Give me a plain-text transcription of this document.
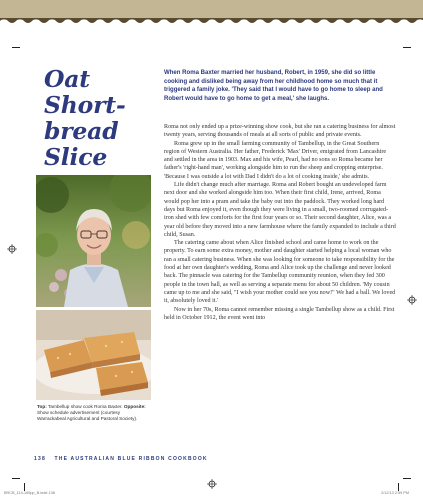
Oat
Short-
bread
Slice
When Roma Baxter married her husband, Robert, in 1959, she did so little cooking and disliked being away from her childhood home so much that it triggered a family joke. 'They said that I would have to go home to sleep and Robert would have to go home to get a meal,' she laughs.

Roma not only ended up a prize-winning show cook, but she ran a catering business for almost twenty years, serving thousands of meals at all sorts of public and private events.

Roma grew up in the small farming community of Tambellup, in the Great Southern region of Western Australia. Her father, Frederick 'Max' Driver, emigrated from Lancashire and settled in the area in 1903. Max and his wife, Pearl, had no sons so Roma became her father's 'right-hand man', working alongside him to run the sheep and cropping enterprise. 'Because I was outside a lot with Dad I didn't do a lot of cooking inside,' she admits.

Life didn't change much after marriage. Roma and Robert bought an undeveloped farm next door and she worked alongside him too. When their first child, Irene, arrived, Roma would pop her into a pram and take the baby out into the paddock. They worked long hard days but Roma enjoyed it, even though they were living in a small, two-roomed corrugated-iron shed with few comforts for the first four years or so. Their second daughter, Alice, was a year old before they moved into a new farmhouse where the family expanded to include a third child, Susan.

The catering came about when Alice finished school and came home to work on the property. To earn some extra money, mother and daughter started helping a local woman who ran a small catering business. When she was looking for someone to take responsibility for the food at her own daughter's wedding, Roma and Alice took up the challenge and never looked back. The pinnacle was catering for the Tambellup community reunion, when they fed 300 people in the town hall, as well as serving a separate menu for about 50 children. 'My cousin came up to me and she said, "I wish your mother could see you now!" We had a ball. We loved it, absolutely loved it.'

Now in her 70s, Roma cannot remember missing a single Tambellup show as a child. First held in October 1912, the event went into

Top: Tambellup show cook Roma Baxter. Opposite: Show schedule advertisement (courtesy Warrackabeal Agricultural and Pastoral Society).
138 THE AUSTRALIAN BLUE RIBBON COOKBOOK
BRCB_114-165pp_B.indd 138	2/12/13 2:59 PM
